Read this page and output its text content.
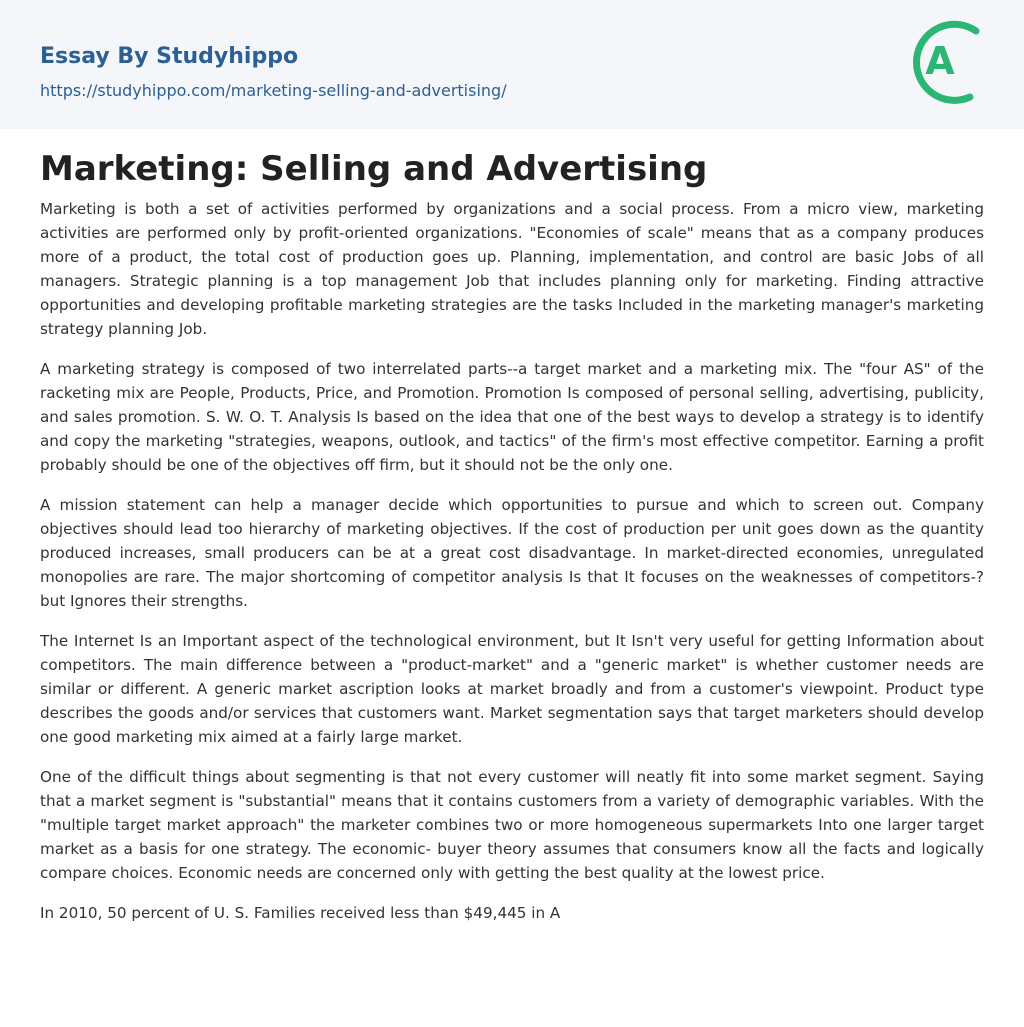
Essay By Studyhippo
https://studyhippo.com/marketing-selling-and-advertising/
A
Marketing: Selling and Advertising

Marketing is both a set of activities performed by organizations and a social process. From a micro view, marketing activities are performed only by profit-oriented organizations. "Economies of scale" means that as a company produces more of a product, the total cost of production goes up. Planning, implementation, and control are basic Jobs of all managers. Strategic planning is a top management Job that includes planning only for marketing. Finding attractive opportunities and developing profitable marketing strategies are the tasks Included in the marketing manager's marketing strategy planning Job.

A marketing strategy is composed of two interrelated parts--a target market and a marketing mix. The "four AS" of the racketing mix are People, Products, Price, and Promotion. Promotion Is composed of personal selling, advertising, publicity, and sales promotion. S. W. O. T. Analysis Is based on the idea that one of the best ways to develop a strategy is to identify and copy the marketing "strategies, weapons, outlook, and tactics" of the firm's most effective competitor. Earning a profit probably should be one of the objectives off firm, but it should not be the only one.

A mission statement can help a manager decide which opportunities to pursue and which to screen out. Company objectives should lead too hierarchy of marketing objectives. If the cost of production per unit goes down as the quantity produced increases, small producers can be at a great cost disadvantage. In market-directed economies, unregulated monopolies are rare. The major shortcoming of competitor analysis Is that It focuses on the weaknesses of competitors-?but Ignores their strengths.

The Internet Is an Important aspect of the technological environment, but It Isn't very useful for getting Information about competitors. The main difference between a "product-market" and a "generic market" is whether customer needs are similar or different. A generic market ascription looks at market broadly and from a customer's viewpoint. Product type describes the goods and/or services that customers want. Market segmentation says that target marketers should develop one good marketing mix aimed at a fairly large market.

One of the difficult things about segmenting is that not every customer will neatly fit into some market segment. Saying that a market segment is "substantial" means that it contains customers from a variety of demographic variables. With the "multiple target market approach" the marketer combines two or more homogeneous supermarkets Into one larger target market as a basis for one strategy. The economic- buyer theory assumes that consumers know all the facts and logically compare choices. Economic needs are concerned only with getting the best quality at the lowest price.

In 2010, 50 percent of U. S. Families received less than $49,445 in A
